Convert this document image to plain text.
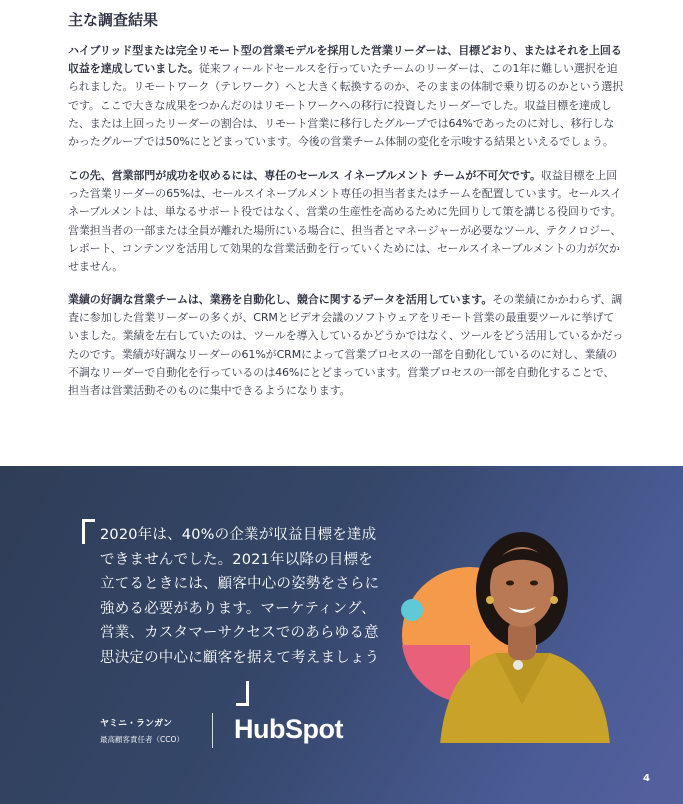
主な調査結果

ハイブリッド型または完全リモート型の営業モデルを採用した営業リーダーは、目標どおり、またはそれを上回る収益を達成していました。従来フィールドセールスを行っていたチームのリーダーは、この1年に難しい選択を迫られました。リモートワーク（テレワーク）へと大きく転換するのか、そのままの体制で乗り切るのかという選択です。ここで大きな成果をつかんだのはリモートワークへの移行に投資したリーダーでした。収益目標を達成した、または上回ったリーダーの割合は、リモート営業に移行したグループでは64%であったのに対し、移行しなかったグループでは50%にとどまっています。今後の営業チーム体制の変化を示唆する結果といえるでしょう。

この先、営業部門が成功を収めるには、専任のセールス イネーブルメント チームが不可欠です。収益目標を上回った営業リーダーの65%は、セールスイネーブルメント専任の担当者またはチームを配置しています。セールスイネーブルメントは、単なるサポート役ではなく、営業の生産性を高めるために先回りして策を講じる役回りです。営業担当者の一部または全員が離れた場所にいる場合に、担当者とマネージャーが必要なツール、テクノロジー、レポート、コンテンツを活用して効果的な営業活動を行っていくためには、セールスイネーブルメントの力が欠かせません。

業績の好調な営業チームは、業務を自動化し、競合に関するデータを活用しています。その業績にかかわらず、調査に参加した営業リーダーの多くが、CRMとビデオ会議のソフトウェアをリモート営業の最重要ツールに挙げていました。業績を左右していたのは、ツールを導入しているかどうかではなく、ツールをどう活用しているかだったのです。業績が好調なリーダーの61%がCRMによって営業プロセスの一部を自動化しているのに対し、業績の不調なリーダーで自動化を行っているのは46%にとどまっています。営業プロセスの一部を自動化することで、担当者は営業活動そのものに集中できるようになります。

2020年は、40%の企業が収益目標を達成できませんでした。2021年以降の目標を立てるときには、顧客中心の姿勢をさらに強める必要があります。マーケティング、営業、カスタマーサクセスでのあらゆる意思決定の中心に顧客を据えて考えましょう

ヤミニ・ランガン
最高顧客責任者（CCO） HubSpot
4
